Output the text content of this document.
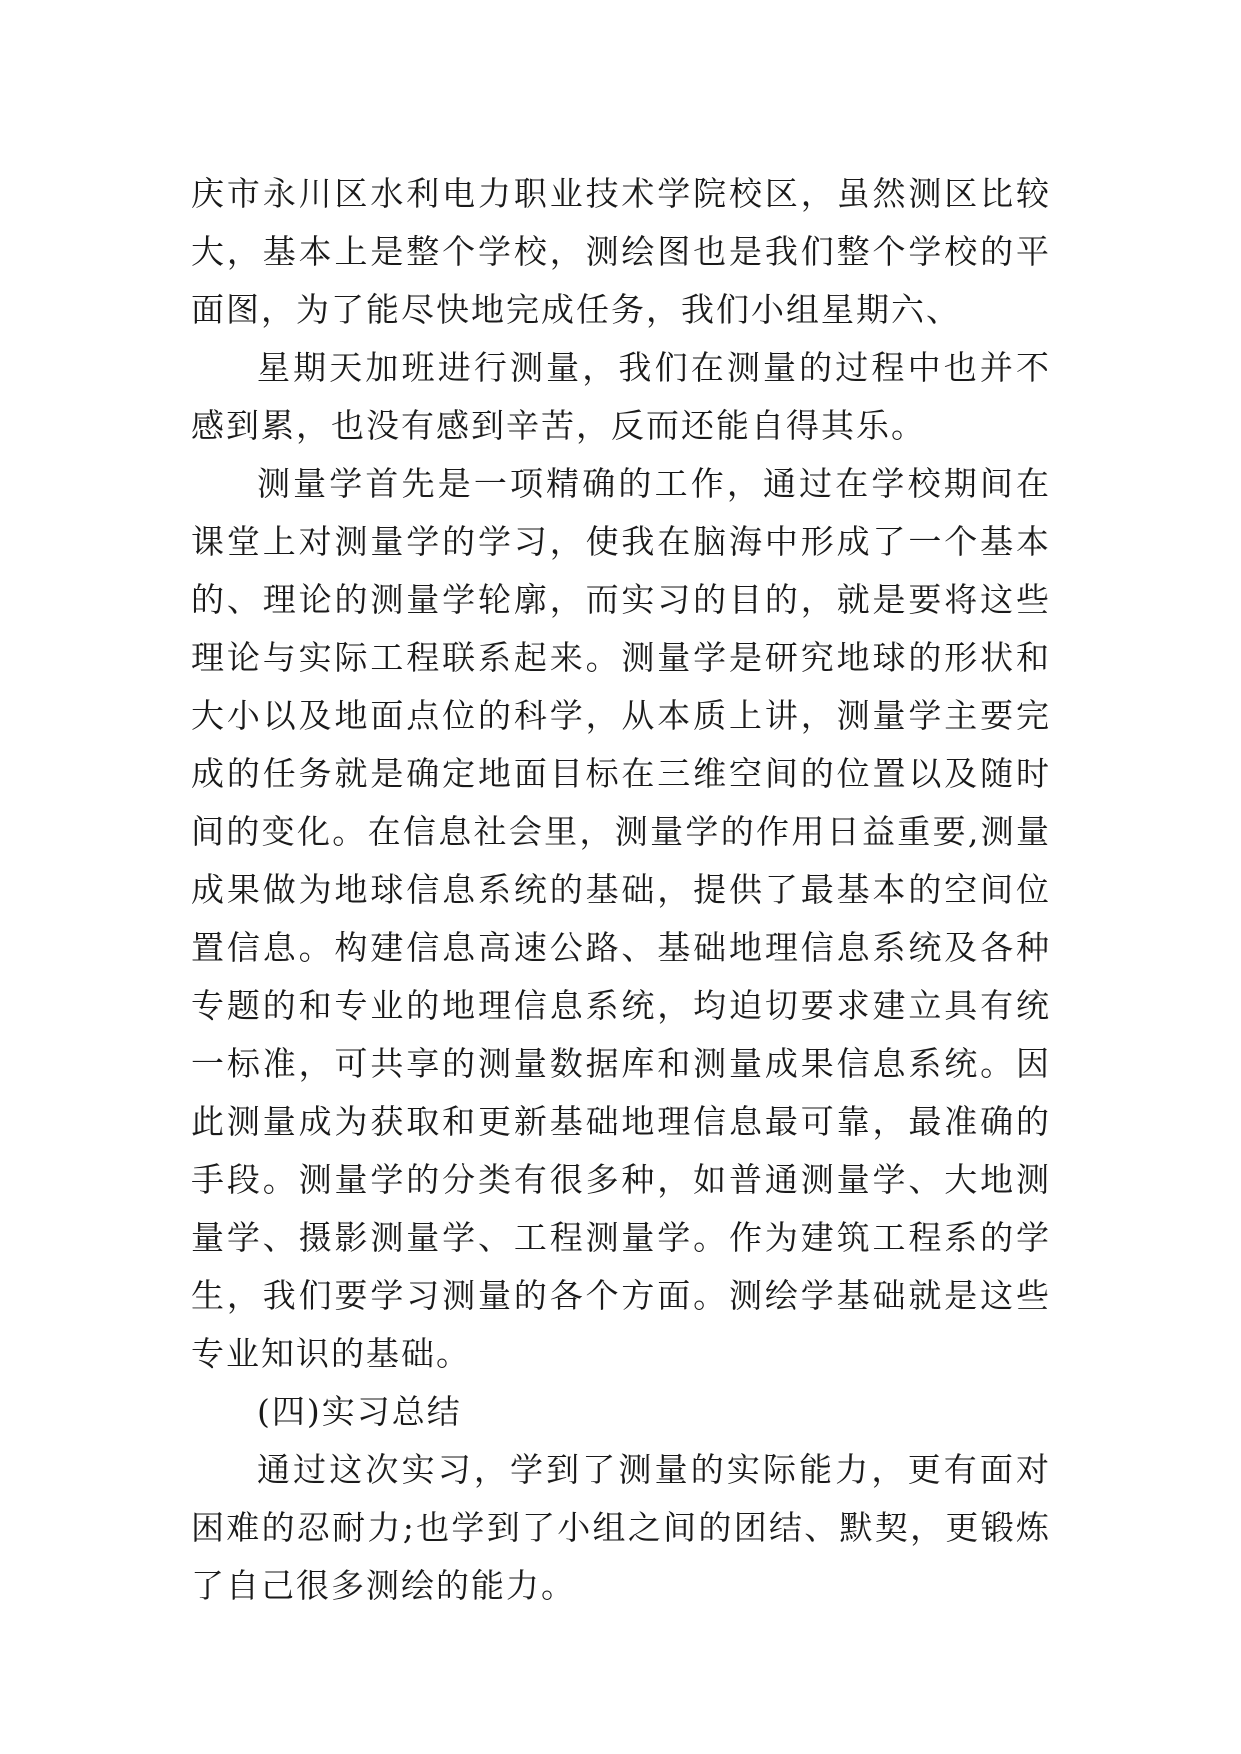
庆市永川区水利电力职业技术学院校区，虽然测区比较大，基本上是整个学校，测绘图也是我们整个学校的平面图，为了能尽快地完成任务，我们小组星期六、

星期天加班进行测量，我们在测量的过程中也并不感到累，也没有感到辛苦，反而还能自得其乐。

测量学首先是一项精确的工作，通过在学校期间在课堂上对测量学的学习，使我在脑海中形成了一个基本的、理论的测量学轮廓，而实习的目的，就是要将这些理论与实际工程联系起来。测量学是研究地球的形状和大小以及地面点位的科学，从本质上讲，测量学主要完成的任务就是确定地面目标在三维空间的位置以及随时间的变化。在信息社会里，测量学的作用日益重要,测量成果做为地球信息系统的基础，提供了最基本的空间位置信息。构建信息高速公路、基础地理信息系统及各种专题的和专业的地理信息系统，均迫切要求建立具有统一标准，可共享的测量数据库和测量成果信息系统。因此测量成为获取和更新基础地理信息最可靠，最准确的手段。测量学的分类有很多种，如普通测量学、大地测量学、摄影测量学、工程测量学。作为建筑工程系的学生，我们要学习测量的各个方面。测绘学基础就是这些专业知识的基础。

(四)实习总结

通过这次实习，学到了测量的实际能力，更有面对困难的忍耐力;也学到了小组之间的团结、默契，更锻炼了自己很多测绘的能力。
